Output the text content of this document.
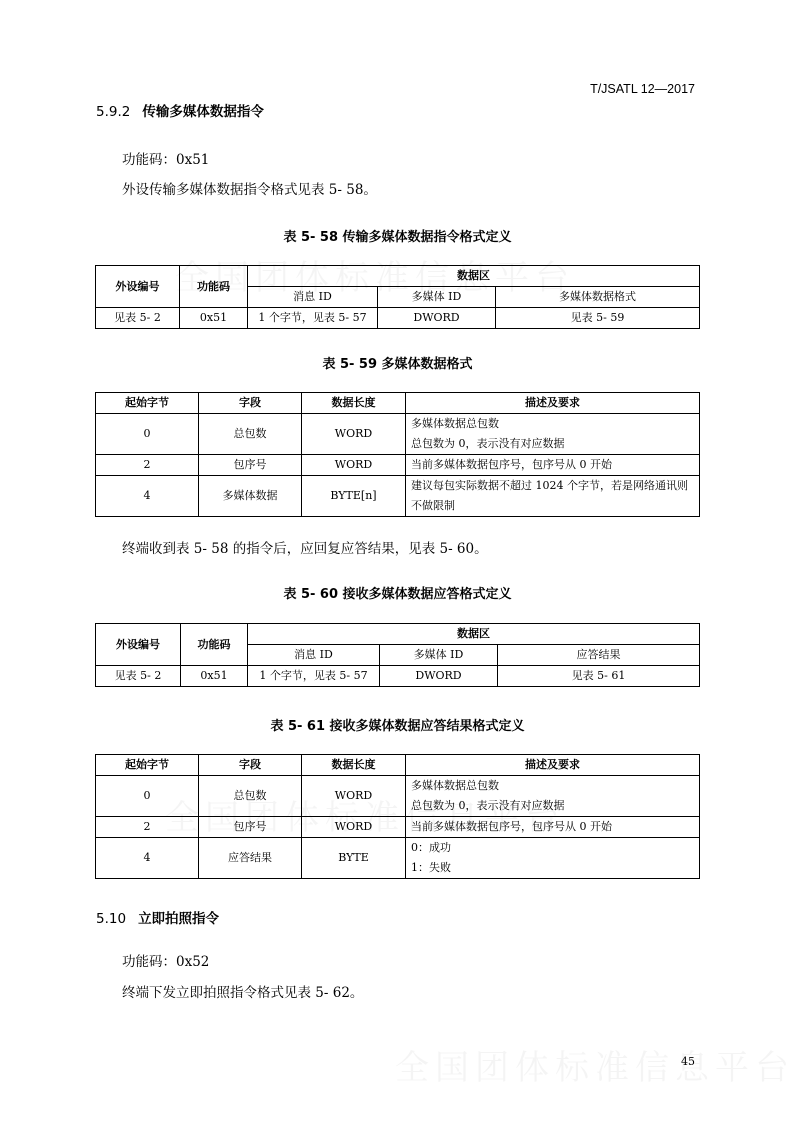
T/JSATL 12—2017
5.9.2 传输多媒体数据指令
功能码：0x51
外设传输多媒体数据指令格式见表 5- 58。
表 5- 58 传输多媒体数据指令格式定义
外设编号	功能码	数据区		
		消息 ID	多媒体 ID	多媒体数据格式
见表 5- 2	0x51	1 个字节，见表 5- 57	DWORD	见表 5- 59
表 5- 59 多媒体数据格式
起始字节	字段	数据长度	描述及要求
0	总包数	WORD	多媒体数据总包数
总包数为 0，表示没有对应数据

2	包序号	WORD	当前多媒体数据包序号，包序号从 0 开始
4	多媒体数据	BYTE[n]	建议每包实际数据不超过 1024 个字节，若是网络通讯则
不做限制
终端收到表 5- 58 的指令后，应回复应答结果，见表 5- 60。
表 5- 60 接收多媒体数据应答格式定义
外设编号	功能码	数据区		
		消息 ID	多媒体 ID	应答结果
见表 5- 2	0x51	1 个字节，见表 5- 57	DWORD	见表 5- 61
表 5- 61 接收多媒体数据应答结果格式定义
起始字节	字段	数据长度	描述及要求
0	总包数	WORD	多媒体数据总包数
总包数为 0，表示没有对应数据

2	包序号	WORD	当前多媒体数据包序号，包序号从 0 开始
4	应答结果	BYTE	0：成功
1：失败
5.10 立即拍照指令
功能码：0x52
终端下发立即拍照指令格式见表 5- 62。
45
